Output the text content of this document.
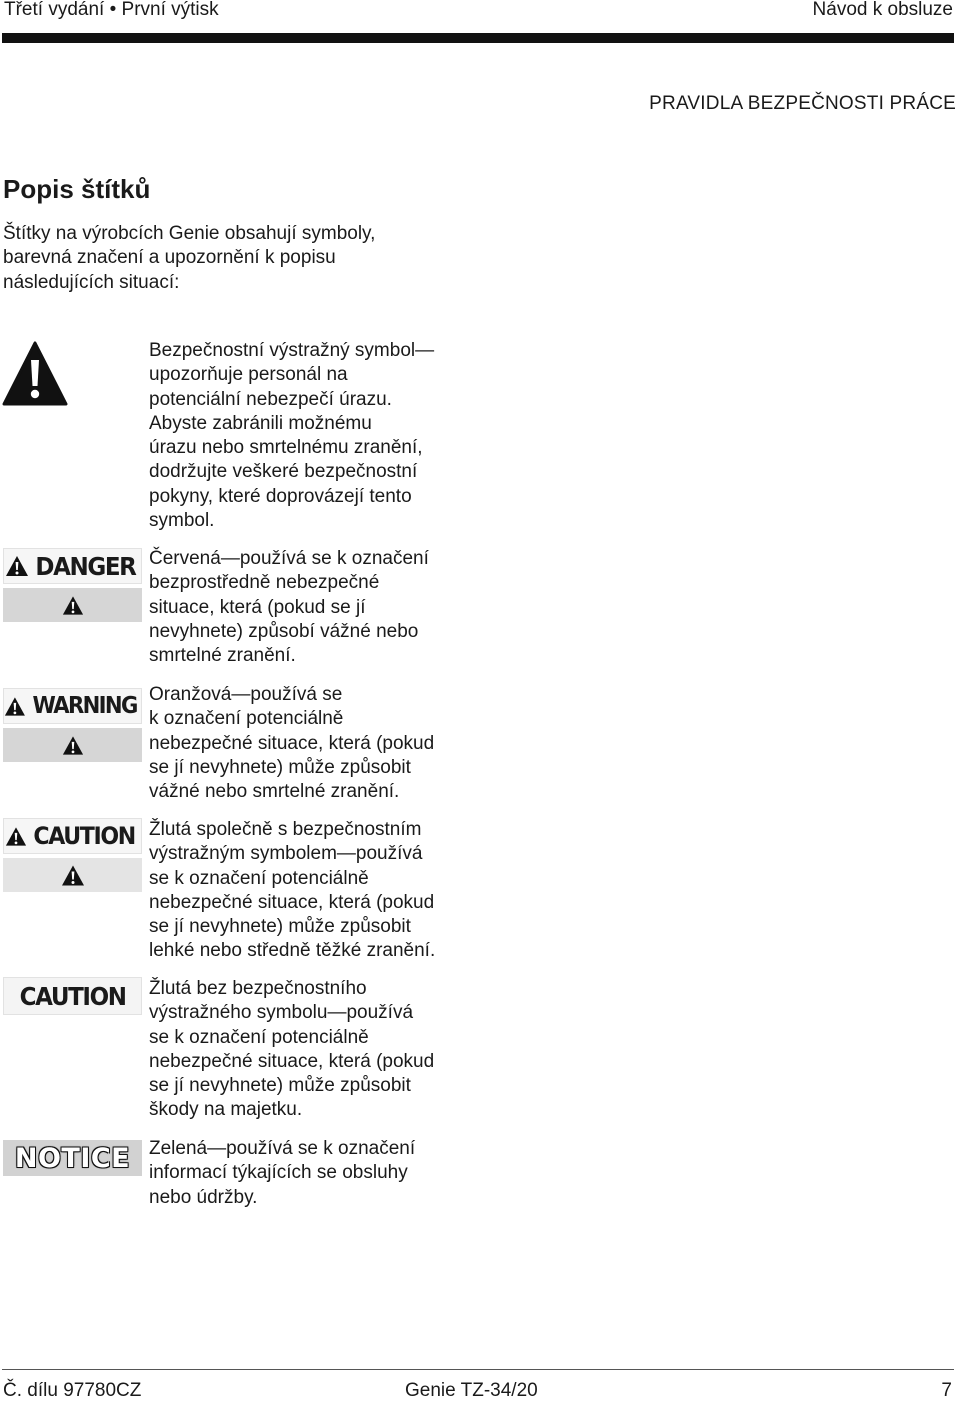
Třetí vydání • První výtisk	Návod k obsluze
PRAVIDLA BEZPEČNOSTI PRÁCE
Popis štítků

Štítky na výrobcích Genie obsahují symboly, barevná značení a upozornění k popisu následujících situací:

Bezpečnostní výstražný symbol—
upozorňuje personál na
potenciální nebezpečí úrazu.
Abyste zabránili možnému
úrazu nebo smrtelnému zranění,
dodržujte veškeré bezpečnostní
pokyny, které doprovázejí tento
symbol.

DANGER Červená—používá se k označení
bezprostředně nebezpečné
situace, která (pokud se jí
nevyhnete) způsobí vážné nebo
smrtelné zranění.

WARNING Oranžová—používá se
k označení potenciálně
nebezpečné situace, která (pokud
se jí nevyhnete) může způsobit
vážné nebo smrtelné zranění.

CAUTION Žlutá společně s bezpečnostním
výstražným symbolem—používá
se k označení potenciálně
nebezpečné situace, která (pokud
se jí nevyhnete) může způsobit
lehké nebo středně těžké zranění.

CAUTION Žlutá bez bezpečnostního
výstražného symbolu—používá
se k označení potenciálně
nebezpečné situace, která (pokud
se jí nevyhnete) může způsobit
škody na majetku.

NOTICE Zelená—používá se k označení
informací týkajících se obsluhy
nebo údržby.

Č. dílu 97780CZ	Genie TZ-34/20	7
